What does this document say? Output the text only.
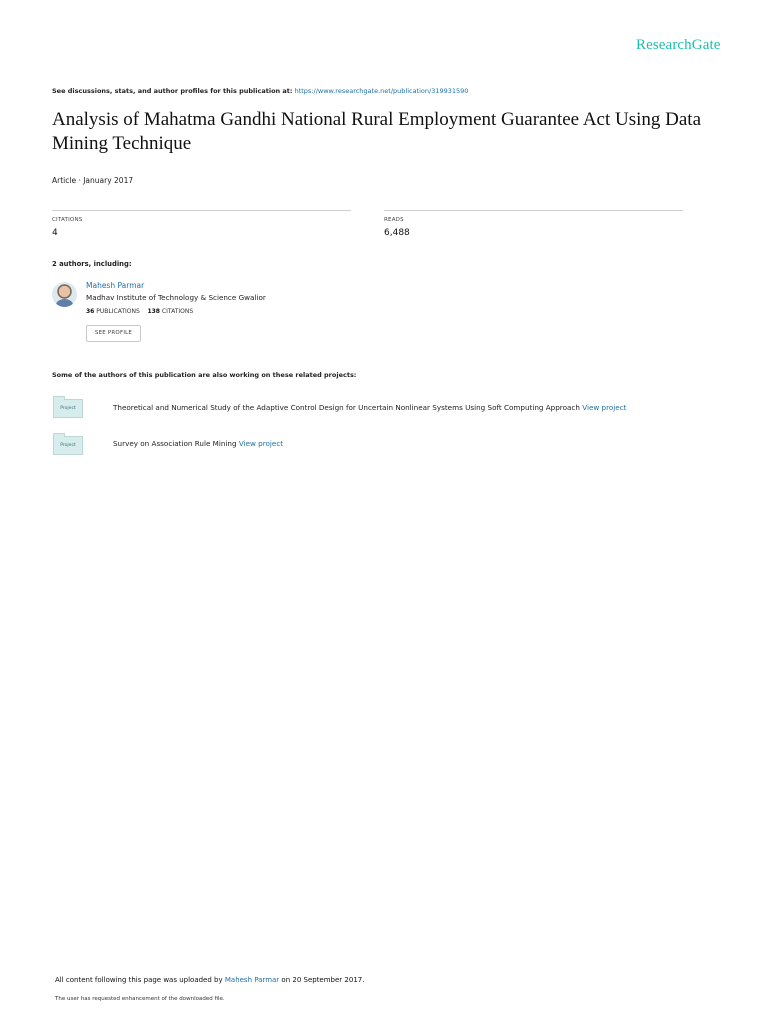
ResearchGate
See discussions, stats, and author profiles for this publication at: https://www.researchgate.net/publication/319931590
Analysis of Mahatma Gandhi National Rural Employment Guarantee Act Using Data Mining Technique
Article · January 2017
CITATIONS
4
READS
6,488
2 authors, including:
Mahesh Parmar
Madhav Institute of Technology & Science Gwalior
36 PUBLICATIONS 138 CITATIONS
SEE PROFILE
Some of the authors of this publication are also working on these related projects:
Project	Theoretical and Numerical Study of the Adaptive Control Design for Uncertain Nonlinear Systems Using Soft Computing Approach View project
Project	Survey on Association Rule Mining View project
All content following this page was uploaded by Mahesh Parmar on 20 September 2017.
The user has requested enhancement of the downloaded file.
